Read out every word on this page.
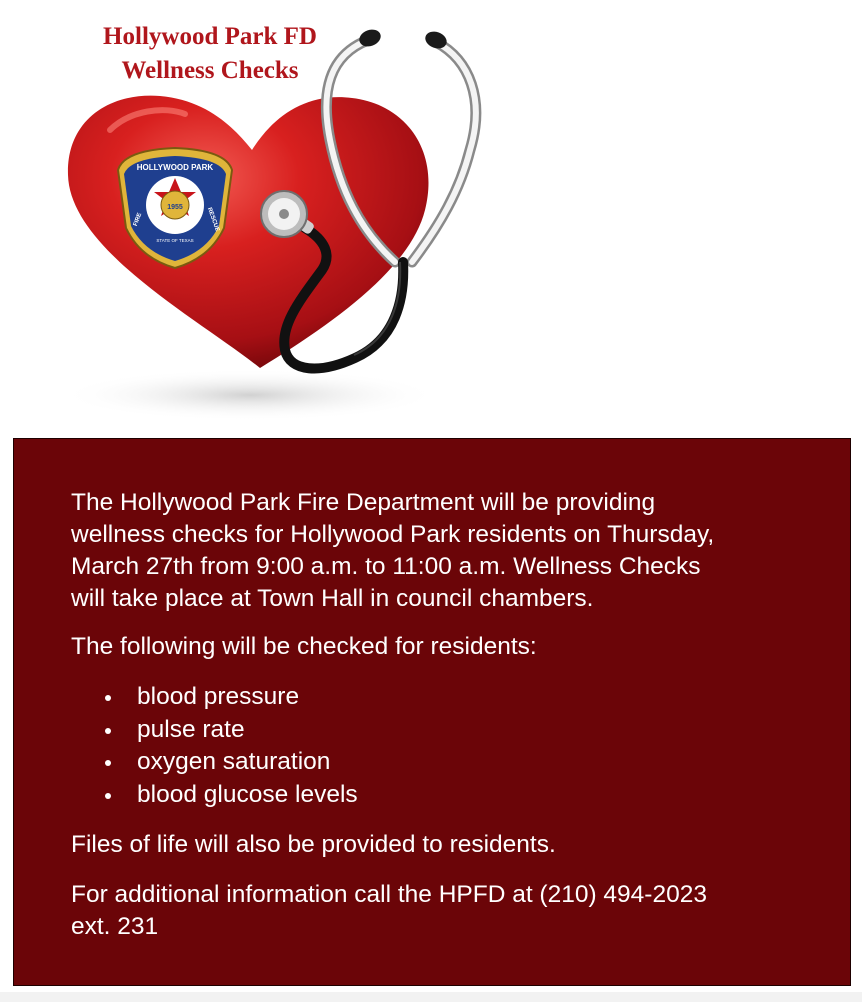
1955
HOLLYWOOD PARK
FIRE	RESCUE
STATE OF TEXAS
Hollywood Park FD
Wellness Checks

The Hollywood Park Fire Department will be providing
wellness checks for Hollywood Park residents on Thursday,
March 27th from 9:00 a.m. to 11:00 a.m. Wellness Checks
will take place at Town Hall in council chambers.

The following will be checked for residents:

blood pressure
pulse rate
oxygen saturation
blood glucose levels

Files of life will also be provided to residents.

For additional information call the HPFD at (210) 494-2023
ext. 231
